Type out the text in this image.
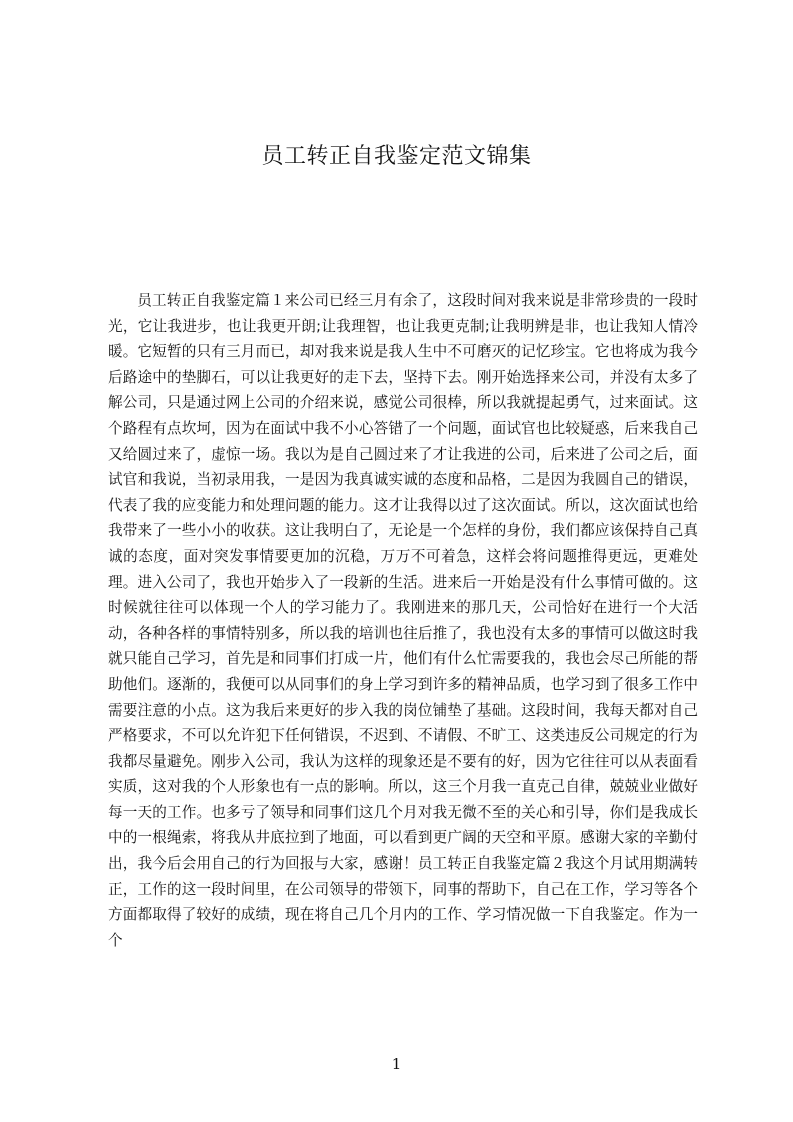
员工转正自我鉴定范文锦集

员工转正自我鉴定篇１来公司已经三月有余了，这段时间对我来说是非常珍贵的一段时光，它让我进步，也让我更开朗;让我理智，也让我更克制;让我明辨是非，也让我知人情冷暖。它短暂的只有三月而已，却对我来说是我人生中不可磨灭的记忆珍宝。它也将成为我今后路途中的垫脚石，可以让我更好的走下去，坚持下去。刚开始选择来公司，并没有太多了解公司，只是通过网上公司的介绍来说，感觉公司很棒，所以我就提起勇气，过来面试。这个路程有点坎坷，因为在面试中我不小心答错了一个问题，面试官也比较疑惑，后来我自己又给圆过来了，虚惊一场。我以为是自己圆过来了才让我进的公司，后来进了公司之后，面试官和我说，当初录用我，一是因为我真诚实诚的态度和品格，二是因为我圆自己的错误，代表了我的应变能力和处理问题的能力。这才让我得以过了这次面试。所以，这次面试也给我带来了一些小小的收获。这让我明白了，无论是一个怎样的身份，我们都应该保持自己真诚的态度，面对突发事情要更加的沉稳，万万不可着急，这样会将问题推得更远，更难处理。进入公司了，我也开始步入了一段新的生活。进来后一开始是没有什么事情可做的。这时候就往往可以体现一个人的学习能力了。我刚进来的那几天，公司恰好在进行一个大活动，各种各样的事情特别多，所以我的培训也往后推了，我也没有太多的事情可以做这时我就只能自己学习，首先是和同事们打成一片，他们有什么忙需要我的，我也会尽己所能的帮助他们。逐渐的，我便可以从同事们的身上学习到许多的精神品质，也学习到了很多工作中需要注意的小点。这为我后来更好的步入我的岗位铺垫了基础。这段时间，我每天都对自己严格要求，不可以允许犯下任何错误，不迟到、不请假、不旷工、这类违反公司规定的行为我都尽量避免。刚步入公司，我认为这样的现象还是不要有的好，因为它往往可以从表面看实质，这对我的个人形象也有一点的影响。所以，这三个月我一直克己自律，兢兢业业做好每一天的工作。也多亏了领导和同事们这几个月对我无微不至的关心和引导，你们是我成长中的一根绳索，将我从井底拉到了地面，可以看到更广阔的天空和平原。感谢大家的辛勤付出，我今后会用自己的行为回报与大家，感谢！员工转正自我鉴定篇２我这个月试用期满转正，工作的这一段时间里，在公司领导的带领下，同事的帮助下，自己在工作，学习等各个方面都取得了较好的成绩，现在将自己几个月内的工作、学习情况做一下自我鉴定。作为一个

1
